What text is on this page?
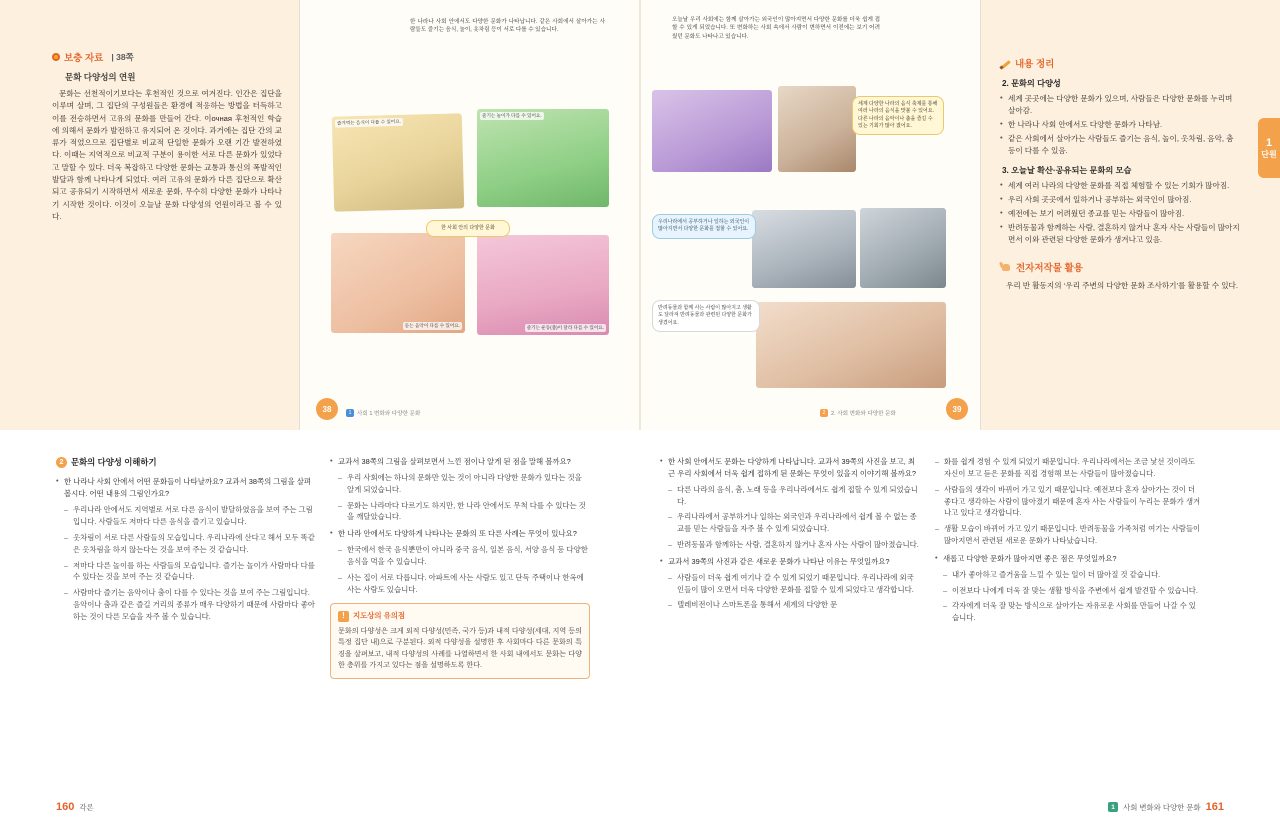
보충 자료 | 38쪽
문화 다양성의 연원

문화는 선천적이기보다는 후천적인 것으로 여겨진다. 인간은 집단을 이루며 살며, 그 집단의 구성원들은 환경에 적응하는 방법을 터득하고 이를 전승하면서 고유의 문화를 만들어 간다. 이очная 후천적인 학습에 의해서 문화가 발전하고 유지되어 온 것이다. 과거에는 집단 간의 교류가 적었으므로 집단별로 비교적 단일한 문화가 오랜 기간 발전하였다. 이때는 지역적으로 비교적 구분이 용이한 서로 다른 문화가 있었다고 말할 수 있다. 더욱 복잡하고 다양한 문화는 교통과 통신의 폭발적인 발달과 함께 나타나게 되었다. 여러 고유의 문화가 다른 집단으로 확산되고 공유되기 시작하면서 새로운 문화, 무수히 다양한 문화가 나타나기 시작한 것이다. 이것이 오늘날 문화 다양성의 연원이라고 볼 수 있다.

내용 정리
2. 문화의 다양성
• 세계 곳곳에는 다양한 문화가 있으며, 사람들은 다양한 문화를 누리며 살아감.
• 한 나라나 사회 안에서도 다양한 문화가 나타남.
• 같은 사회에서 살아가는 사람들도 즐기는 음식, 놀이, 옷차림, 음악, 춤 등이 다를 수 있음.
3. 오늘날 확산·공유되는 문화의 모습
• 세계 여러 나라의 다양한 문화를 직접 체험할 수 있는 기회가 많아짐.
• 우리 사회 곳곳에서 일하거나 공부하는 외국인이 많아짐.
• 예전에는 보기 어려웠던 종교를 믿는 사람들이 많아짐.
• 반려동물과 함께하는 사람, 결혼하지 않거나 혼자 사는 사람들이 많아지면서 이와 관련된 다양한 문화가 생겨나고 있음.
전자저작물 활용
우리 반 활동지의 ‘우리 주변의 다양한 문화 조사하기’를 활용할 수 있다.
1
단원
한 나라나 사회 안에서도 다양한 문화가 나타납니다. 같은 사회에서 살아가는 사람들도 즐기는 음식, 놀이, 옷차림 등이 서로 다를 수 있습니다.
즐겨먹는 음식이 다를 수 있어요.
즐기는 놀이가 다를 수 있어요.
듣는 음악이 다를 수 있어요.	즐기는 운동(춤)이 달라 다를 수 있어요.
한 사회 안의 다양한 문화
38	1	사회 1 변화와 다양한 문화
오늘날 우리 사회에는 함께 살아가는 외국인이 많아지면서 다양한 문화를 더욱 쉽게 접할 수 있게 되었습니다. 또 변화하는 사회 속에서 사람이 변하면서 이전에는 보기 어려웠던 문화도 나타나고 있습니다.
세계 다양한 나라의 음식 축제를 통해 여러 나라의 음식을 맛볼 수 있어요. 다른 나라의 음악이나 춤을 즐길 수 있는 기회가 많아 졌어요.
우리나라에서 공부하거나 일하는 외국인이 많아지면서 다양한 문화를 접할 수 있어요.
반려동물과 함께 사는 사람이 많아지고 생활도 달라져 반려동물과 관련된 다양한 문화가 생겼어요.
39
2	2. 사회 변화와 다양한 문화
2 문화의 다양성 이해하기
• 한 나라나 사회 안에서 어떤 문화들이 나타날까요? 교과서 38쪽의 그림을 살펴봅시다. 어떤 내용의 그림인가요?
– 우리나라 안에서도 지역별로 서로 다른 음식이 발달하였음을 보여 주는 그림입니다. 사람들도 저마다 다른 음식을 즐기고 있습니다.
– 옷차림이 서로 다른 사람들의 모습입니다. 우리나라에 산다고 해서 모두 똑같은 옷차림을 하지 않는다는 것을 보여 주는 것 같습니다.
– 저마다 다른 놀이를 하는 사람들의 모습입니다. 즐기는 놀이가 사람마다 다를 수 있다는 것을 보여 주는 것 같습니다.
– 사람마다 즐기는 음악이나 춤이 다를 수 있다는 것을 보여 주는 그림입니다. 음악이나 춤과 같은 즐길 거리의 종류가 매우 다양하기 때문에 사람마다 좋아하는 것이 다른 모습을 자주 볼 수 있습니다.
• 교과서 38쪽의 그림을 살펴보면서 느낀 점이나 알게 된 점을 말해 볼까요?
– 우리 사회에는 하나의 문화만 있는 것이 아니라 다양한 문화가 있다는 것을 알게 되었습니다.
– 문화는 나라마다 다르기도 하지만, 한 나라 안에서도 무척 다를 수 있다는 것을 깨달았습니다.
• 한 나라 안에서도 다양하게 나타나는 문화의 또 다른 사례는 무엇이 있나요?
– 한국에서 한국 음식뿐만이 아니라 중국 음식, 일본 음식, 서양 음식 등 다양한 음식을 먹을 수 있습니다.
– 사는 집이 서로 다릅니다. 아파트에 사는 사람도 있고 단독 주택이나 한옥에 사는 사람도 있습니다.
!	지도상의 유의점
문화의 다양성은 크게 외적 다양성(민족, 국가 등)과 내적 다양성(세대, 지역 등의 특정 집단 내)으로 구분된다. 외적 다양성을 설명한 후 사회마다 다른 문화의 특징을 살펴보고, 내적 다양성의 사례를 나열하면서 한 사회 내에서도 문화는 다양한 층위를 가지고 있다는 점을 설명하도록 한다.
• 한 사회 안에서도 문화는 다양하게 나타납니다. 교과서 39쪽의 사진을 보고, 최근 우리 사회에서 더욱 쉽게 접하게 된 문화는 무엇이 있을지 이야기해 볼까요?
– 다른 나라의 음식, 춤, 노래 등을 우리나라에서도 쉽게 접할 수 있게 되었습니다.
– 우리나라에서 공부하거나 일하는 외국인과 우리나라에서 쉽게 볼 수 없는 종교를 믿는 사람들을 자주 볼 수 있게 되었습니다.
– 반려동물과 함께하는 사람, 결혼하지 않거나 혼자 사는 사람이 많아졌습니다.
• 교과서 39쪽의 사진과 같은 새로운 문화가 나타난 이유는 무엇일까요?
– 사람들이 더욱 쉽게 여기나 갈 수 있게 되었기 때문입니다. 우리나라에 외국인들이 많이 오면서 더욱 다양한 문화를 접할 수 있게 되었다고 생각합니다.
– 텔레비전이나 스마트폰을 통해서 세계의 다양한 문
– 화를 쉽게 경험 수 있게 되었기 때문입니다. 우리나라에서는 조금 낯선 것이라도 자신이 보고 듣은 문화를 직접 경험해 보는 사람들이 많아졌습니다.
– 사람들의 생각이 바뀌어 가고 있기 때문입니다. 예전보다 혼자 살아가는 것이 더 좋다고 생각하는 사람이 많아졌기 때문에 혼자 사는 사람들이 누리는 문화가 생겨나고 있다고 생각합니다.
– 생활 모습이 바뀌어 가고 있기 때문입니다. 반려동물을 가족처럼 여기는 사람들이 많아지면서 관련된 새로운 문화가 나타났습니다.
• 새롭고 다양한 문화가 많아지면 좋은 점은 무엇일까요?
– 내가 좋아하고 즐거움을 느낄 수 있는 일이 더 많아질 것 같습니다.
– 이전보다 나에게 더욱 잘 맞는 생활 방식을 주변에서 쉽게 발견할 수 있습니다.
– 각자에게 더욱 잘 맞는 방식으로 살아가는 자유로운 사회를 만들어 나갈 수 있습니다.
160 각론	1	사회 변화와 다양한 문화 161
